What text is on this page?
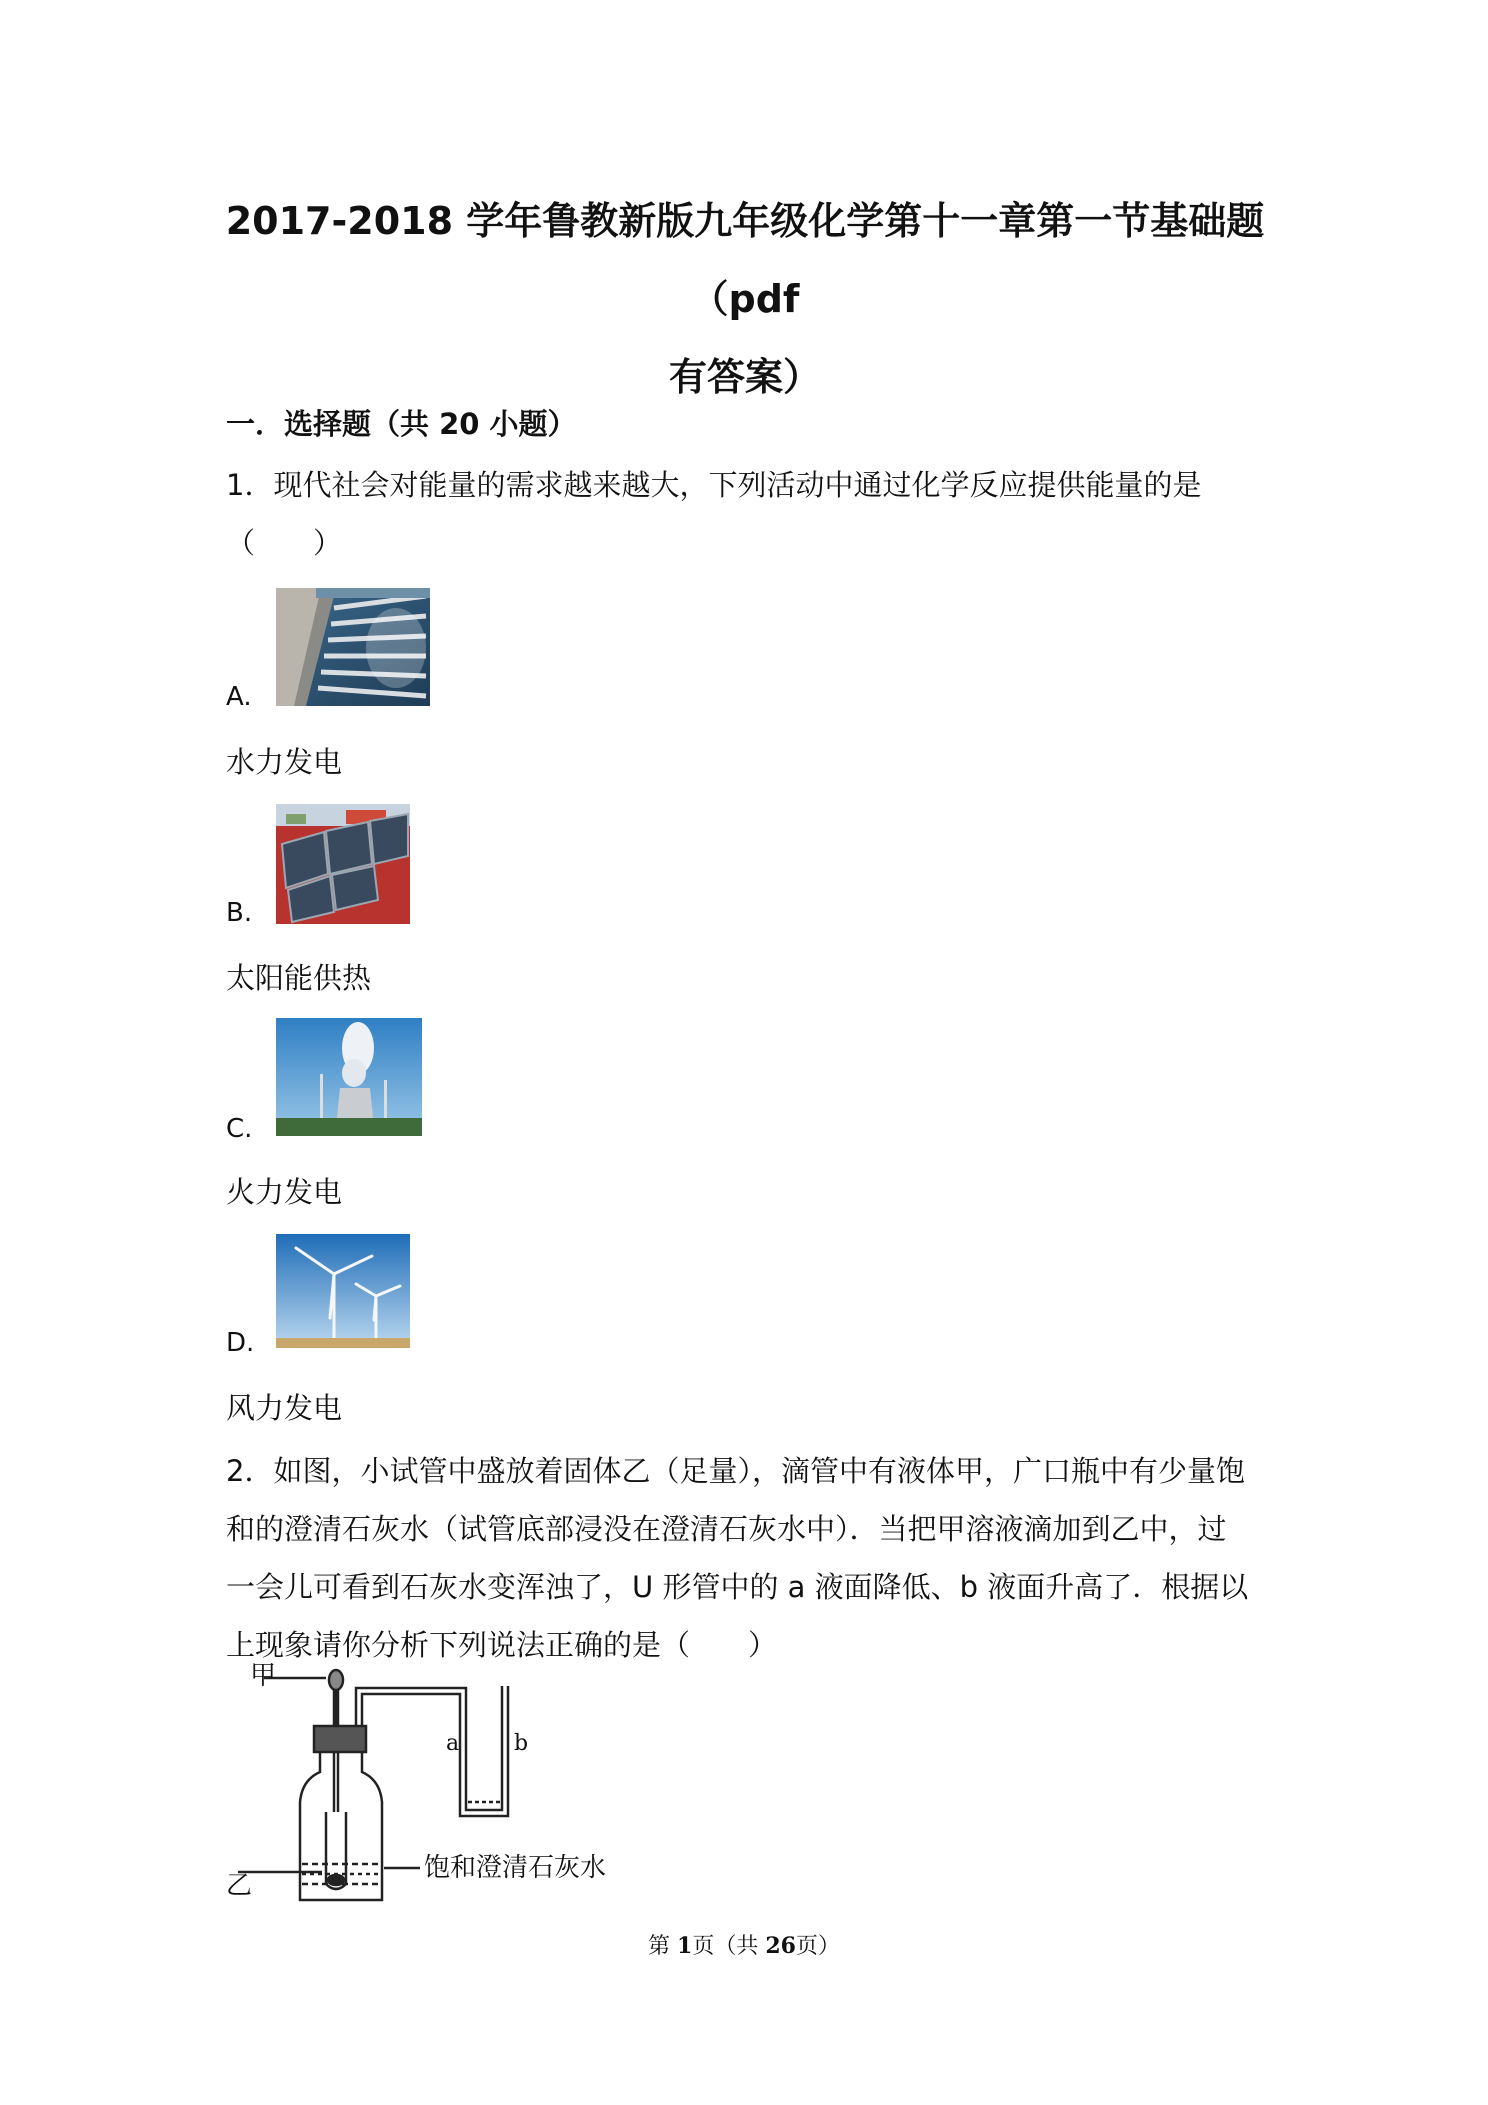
2017-2018 学年鲁教新版九年级化学第十一章第一节基础题（pdf
有答案）

一．选择题（共 20 小题）

1．现代社会对能量的需求越来越大，下列活动中通过化学反应提供能量的是

（　　）

A.
水力发电
B.
太阳能供热
C.
火力发电
D.
风力发电

2．如图，小试管中盛放着固体乙（足量），滴管中有液体甲，广口瓶中有少量饱

和的澄清石灰水（试管底部浸没在澄清石灰水中）．当把甲溶液滴加到乙中，过

一会儿可看到石灰水变浑浊了，U 形管中的 a 液面降低、b 液面升高了．根据以

上现象请你分析下列说法正确的是（　　）

甲
乙
a b
饱和澄清石灰水
第 1页（共 26页）
